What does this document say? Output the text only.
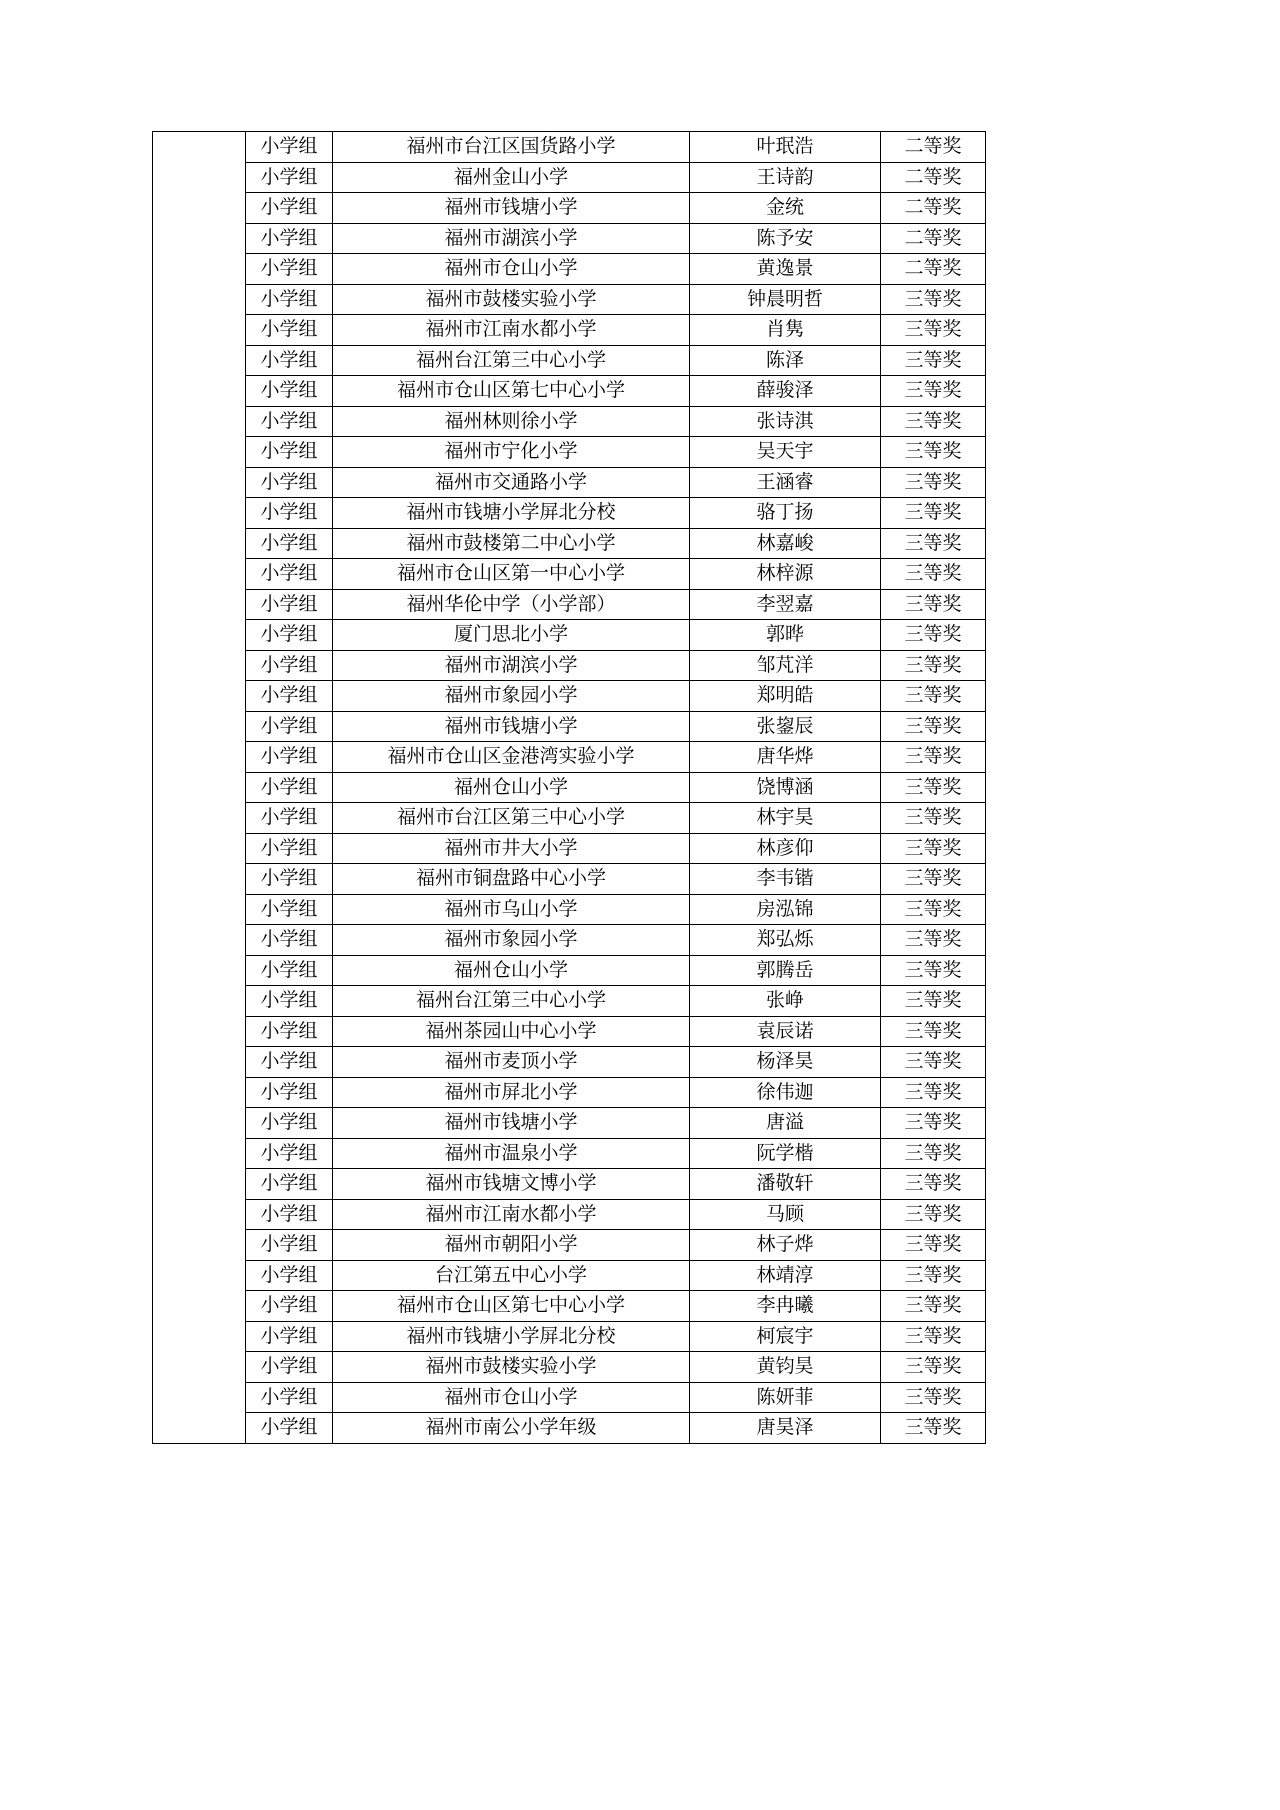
	小学组	福州市台江区国货路小学	叶珉浩	二等奖
	小学组	福州金山小学	王诗韵	二等奖
	小学组	福州市钱塘小学	金统	二等奖
	小学组	福州市湖滨小学	陈予安	二等奖
	小学组	福州市仓山小学	黄逸景	二等奖
	小学组	福州市鼓楼实验小学	钟晨明哲	三等奖
	小学组	福州市江南水都小学	肖隽	三等奖
	小学组	福州台江第三中心小学	陈泽	三等奖
	小学组	福州市仓山区第七中心小学	薛骏泽	三等奖
	小学组	福州林则徐小学	张诗淇	三等奖
	小学组	福州市宁化小学	吴天宇	三等奖
	小学组	福州市交通路小学	王涵睿	三等奖
	小学组	福州市钱塘小学屏北分校	骆丁扬	三等奖
	小学组	福州市鼓楼第二中心小学	林嘉峻	三等奖
	小学组	福州市仓山区第一中心小学	林梓源	三等奖
	小学组	福州华伦中学（小学部）	李翌嘉	三等奖
	小学组	厦门思北小学	郭晔	三等奖
	小学组	福州市湖滨小学	邹芃洋	三等奖
	小学组	福州市象园小学	郑明皓	三等奖
	小学组	福州市钱塘小学	张鋆辰	三等奖
	小学组	福州市仓山区金港湾实验小学	唐华烨	三等奖
	小学组	福州仓山小学	饶博涵	三等奖
	小学组	福州市台江区第三中心小学	林宇昊	三等奖
	小学组	福州市井大小学	林彦仰	三等奖
	小学组	福州市铜盘路中心小学	李韦锴	三等奖
	小学组	福州市乌山小学	房泓锦	三等奖
	小学组	福州市象园小学	郑弘烁	三等奖
	小学组	福州仓山小学	郭腾岳	三等奖
	小学组	福州台江第三中心小学	张峥	三等奖
	小学组	福州茶园山中心小学	袁辰诺	三等奖
	小学组	福州市麦顶小学	杨泽昊	三等奖
	小学组	福州市屏北小学	徐伟迦	三等奖
	小学组	福州市钱塘小学	唐溢	三等奖
	小学组	福州市温泉小学	阮学楷	三等奖
	小学组	福州市钱塘文博小学	潘敬轩	三等奖
	小学组	福州市江南水都小学	马顾	三等奖
	小学组	福州市朝阳小学	林子烨	三等奖
	小学组	台江第五中心小学	林靖淳	三等奖
	小学组	福州市仓山区第七中心小学	李冉曦	三等奖
	小学组	福州市钱塘小学屏北分校	柯宸宇	三等奖
	小学组	福州市鼓楼实验小学	黄钧昊	三等奖
	小学组	福州市仓山小学	陈妍菲	三等奖
	小学组	福州市南公小学年级	唐昊泽	三等奖
